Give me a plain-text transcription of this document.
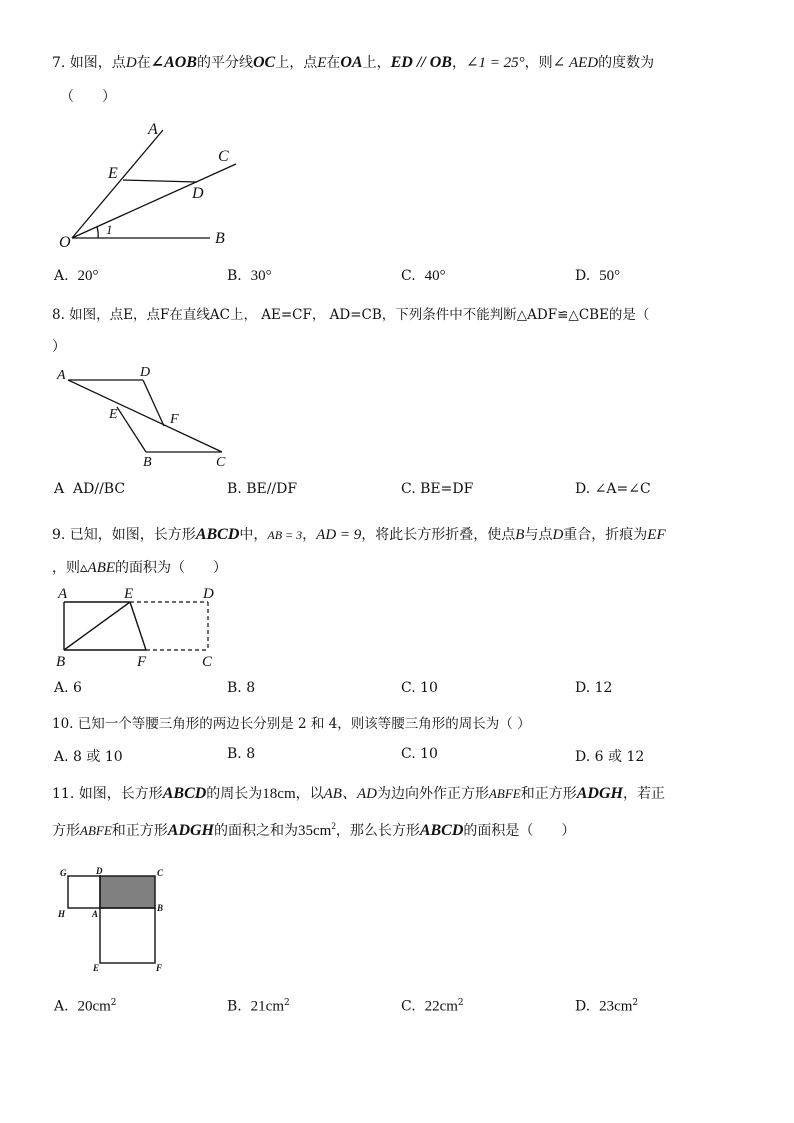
7. 如图，点D在∠AOB的平分线OC上，点E在OA上，ED // OB，∠1 = 25°，则∠ AED的度数为
（　　）
A
C
E
D
O	B
1
A. 20°	B. 30°	C. 40°	D. 50°
8. 如图，点E，点F在直线AC上， AE=CF， AD=CB，下列条件中不能判断△ADF≌△CBE的是（
）
A	D
E	F
B	C
A AD//BC	B. BE//DF	C. BE=DF	D. ∠A=∠C
9. 已知，如图，长方形ABCD中，AB = 3，AD = 9，将此长方形折叠，使点B与点D重合，折痕为EF
，则▵ABE的面积为（　　）
A	E	D
B	F	C
A. 6	B. 8	C. 10	D. 12
10. 已知一个等腰三角形的两边长分别是 2 和 4，则该等腰三角形的周长为（ ）
A. 8 或 10	B. 8	C. 10	D. 6 或 12
11. 如图，长方形ABCD的周长为18cm，以AB、AD为边向外作正方形ABFE和正方形ADGH，若正
方形ABFE和正方形ADGH的面积之和为$35cm^2$，那么长方形ABCD的面积是（　　）
G	D	C
B
H	A
E	F
A. $20cm^2$	B. $21cm^2$	C. $22cm^2$	D. $23cm^2$
